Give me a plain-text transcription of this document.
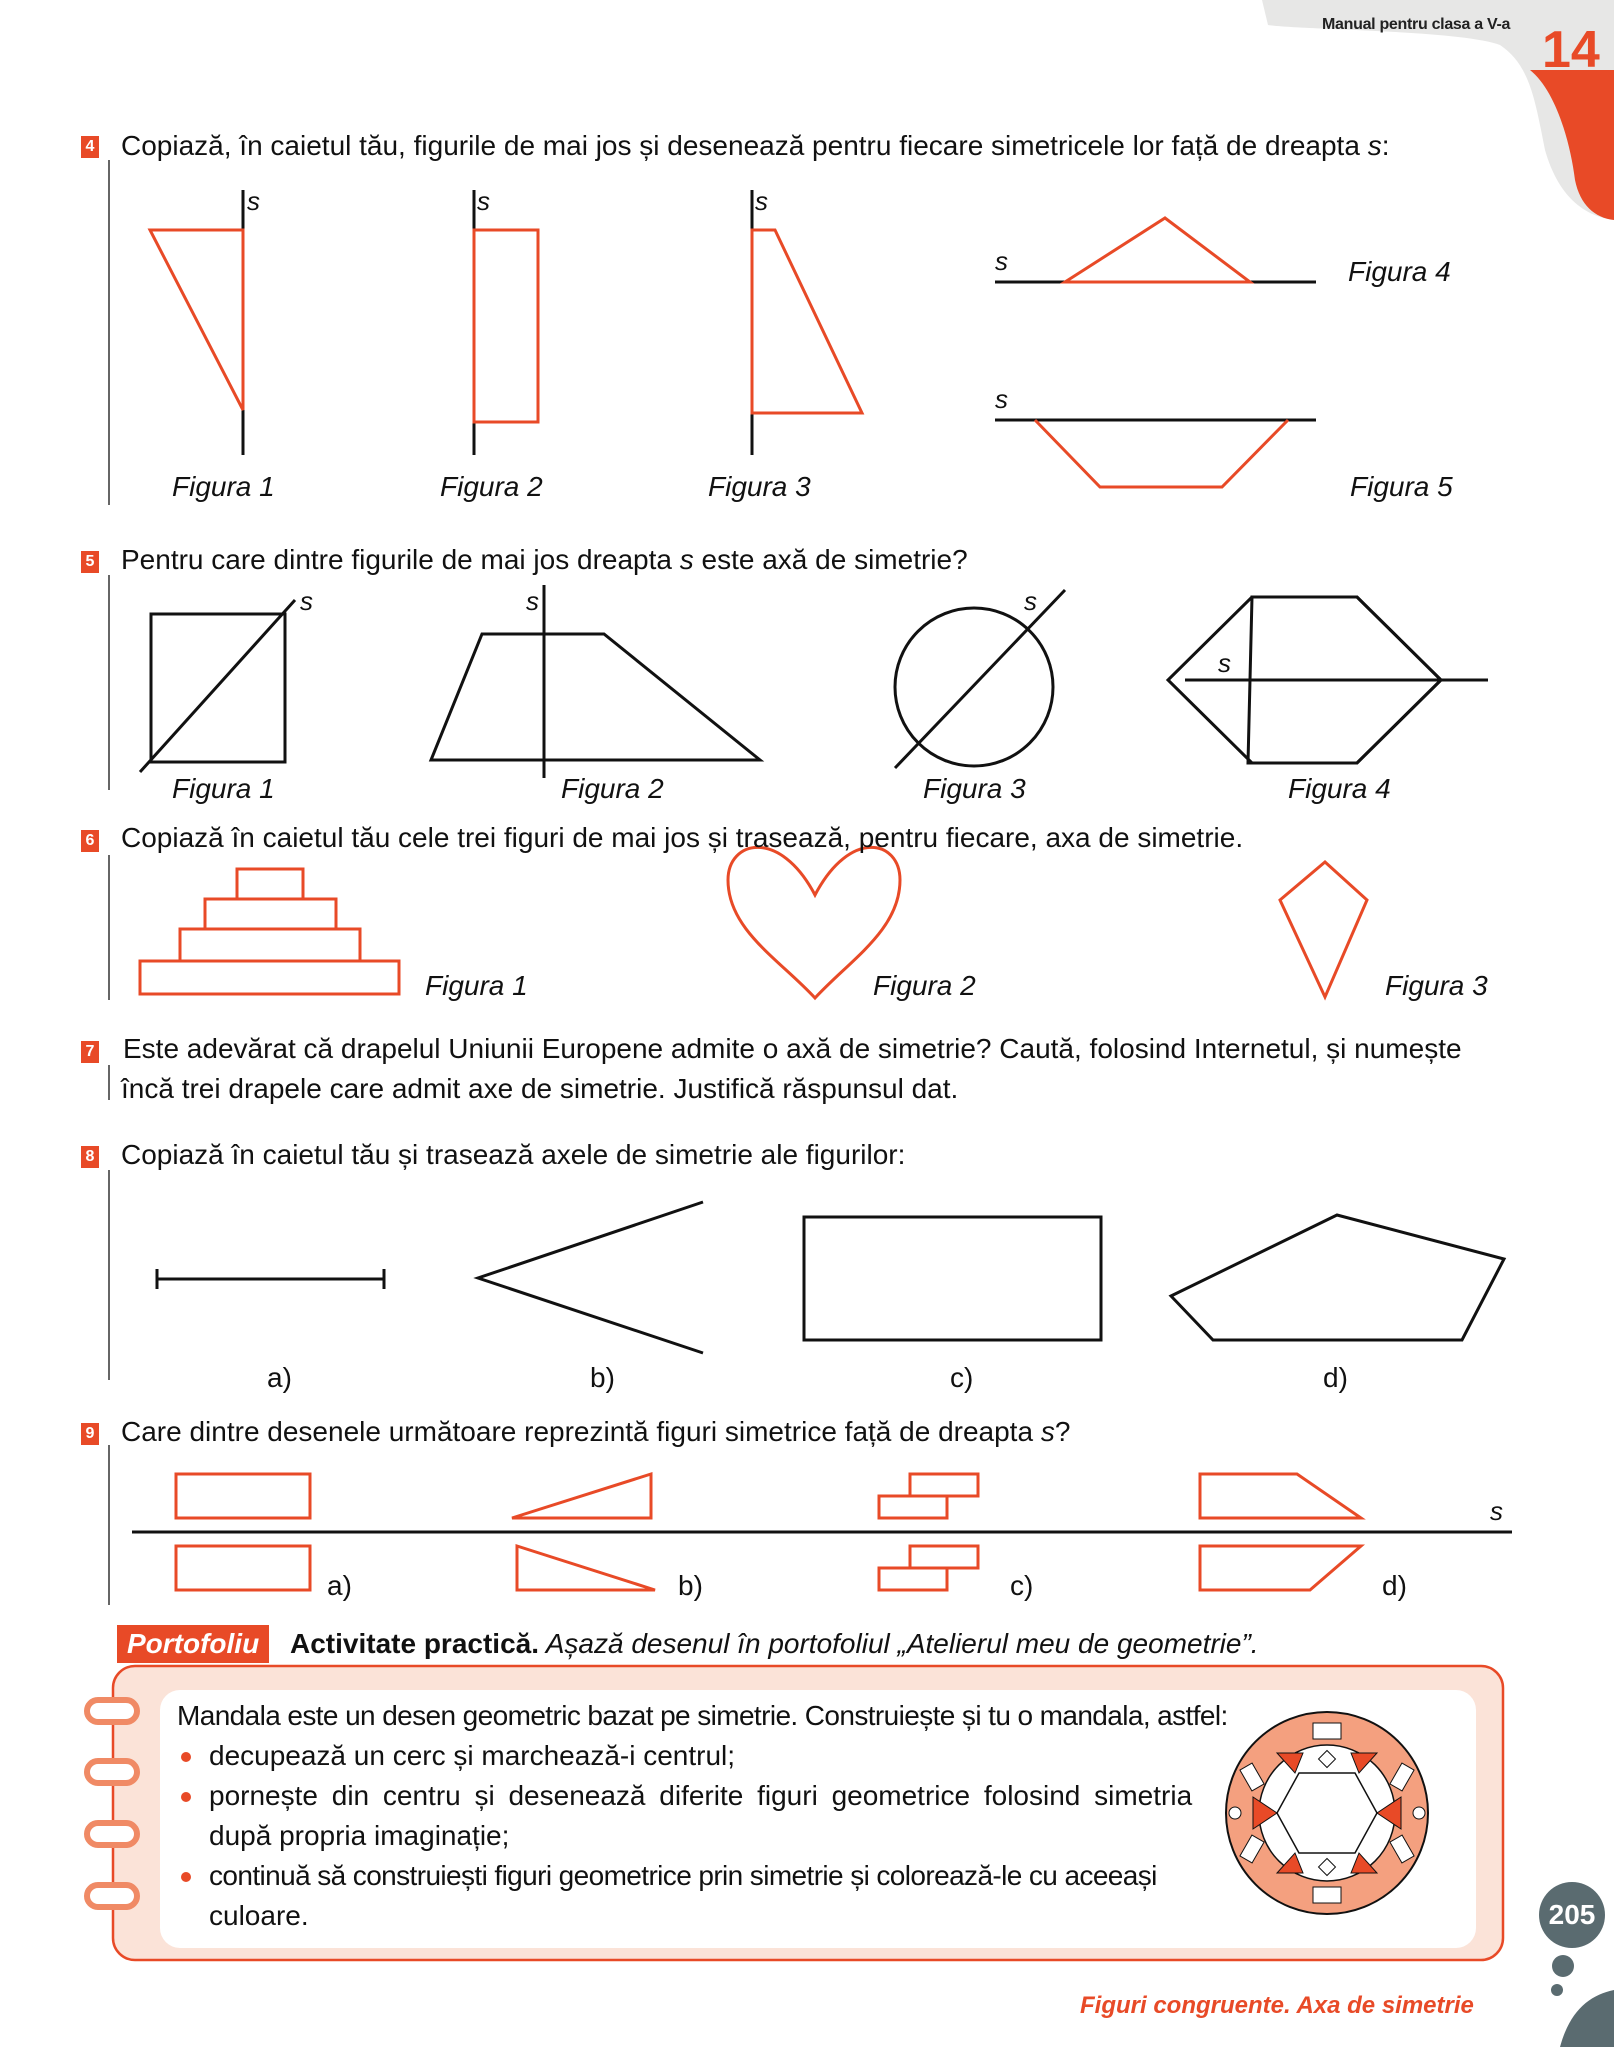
Manual pentru clasa a V-a 14
4 Copiază, în caietul tău, figurile de mai jos și desenează pentru fiecare simetricele lor față de dreapta s:
s	s	s
s
s
Figura 1	Figura 2	Figura 3
Figura 4
Figura 5
5 Pentru care dintre figurile de mai jos dreapta s este axă de simetrie?
s	s	s
s
Figura 1	Figura 2	Figura 3	Figura 4
6 Copiază în caietul tău cele trei figuri de mai jos și trasează, pentru fiecare, axa de simetrie.
Figura 1	Figura 2	Figura 3
7 Este adevărat că drapelul Uniunii Europene admite o axă de simetrie? Caută, folosind Internetul, și numește
încă trei drapele care admit axe de simetrie. Justifică răspunsul dat.
8 Copiază în caietul tău și trasează axele de simetrie ale figurilor:
a)	b)	c)	d)
9 Care dintre desenele următoare reprezintă figuri simetrice față de dreapta s?
s
a)	b)	c)	d)
Portofoliu	Activitate practică. Așază desenul în portofoliul „Atelierul meu de geometrie”.
Mandala este un desen geometric bazat pe simetrie. Construiește și tu o mandala, astfel:
decupează un cerc și marchează-i centrul;
pornește din centru și desenează diferite figuri geometrice folosind simetria
după propria imaginație;
continuă să construiești figuri geometrice prin simetrie și colorează-le cu aceeași
culoare.	205
Figuri congruente. Axa de simetrie
